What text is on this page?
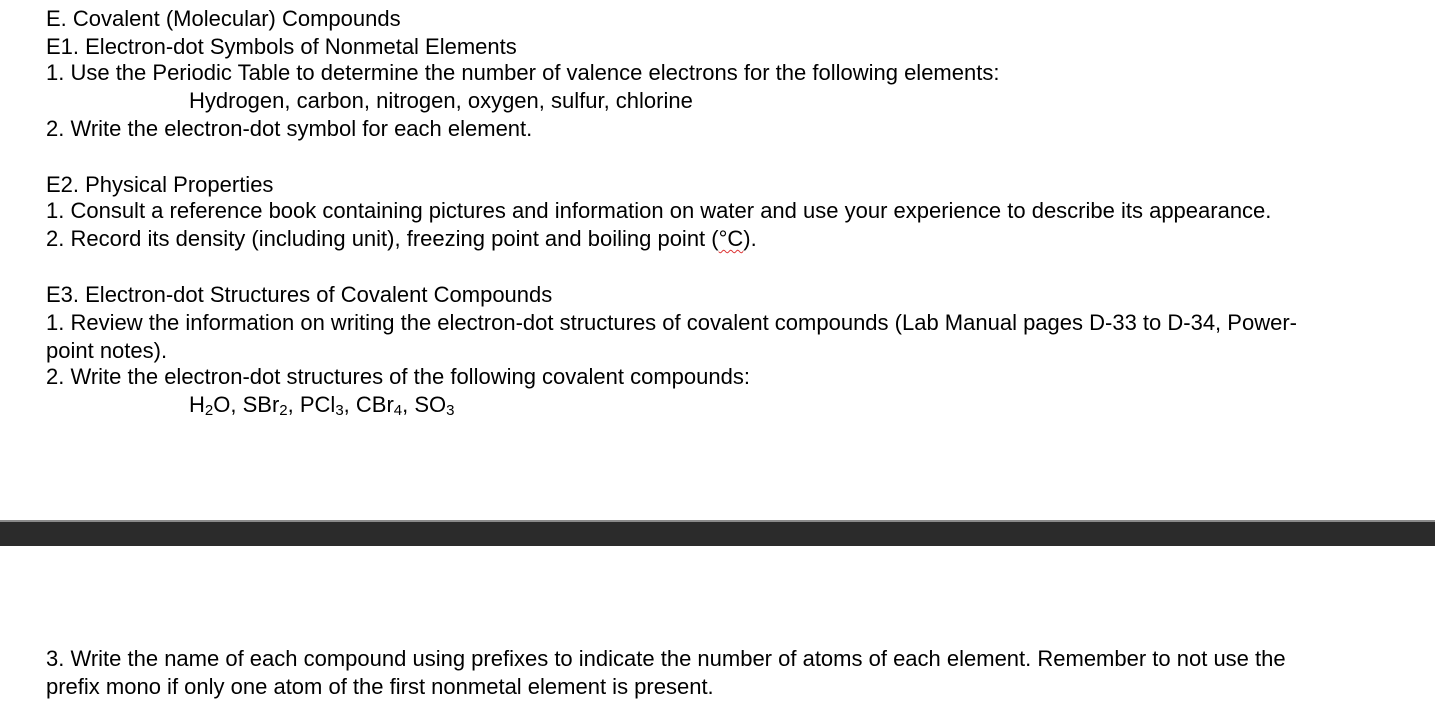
E. Covalent (Molecular) Compounds
E1. Electron-dot Symbols of Nonmetal Elements
1. Use the Periodic Table to determine the number of valence electrons for the following elements:
Hydrogen, carbon, nitrogen, oxygen, sulfur, chlorine
2. Write the electron-dot symbol for each element.
E2. Physical Properties
1. Consult a reference book containing pictures and information on water and use your experience to describe its appearance.
2. Record its density (including unit), freezing point and boiling point (°C).
E3. Electron-dot Structures of Covalent Compounds
1. Review the information on writing the electron-dot structures of covalent compounds (Lab Manual pages D-33 to D-34, Power-
point notes).
2. Write the electron-dot structures of the following covalent compounds:
$H_2O$, SBr$_2$, PCl$_3$, CBr$_4$, $SO_3$
3. Write the name of each compound using prefixes to indicate the number of atoms of each element. Remember to not use the
prefix mono if only one atom of the first nonmetal element is present.
